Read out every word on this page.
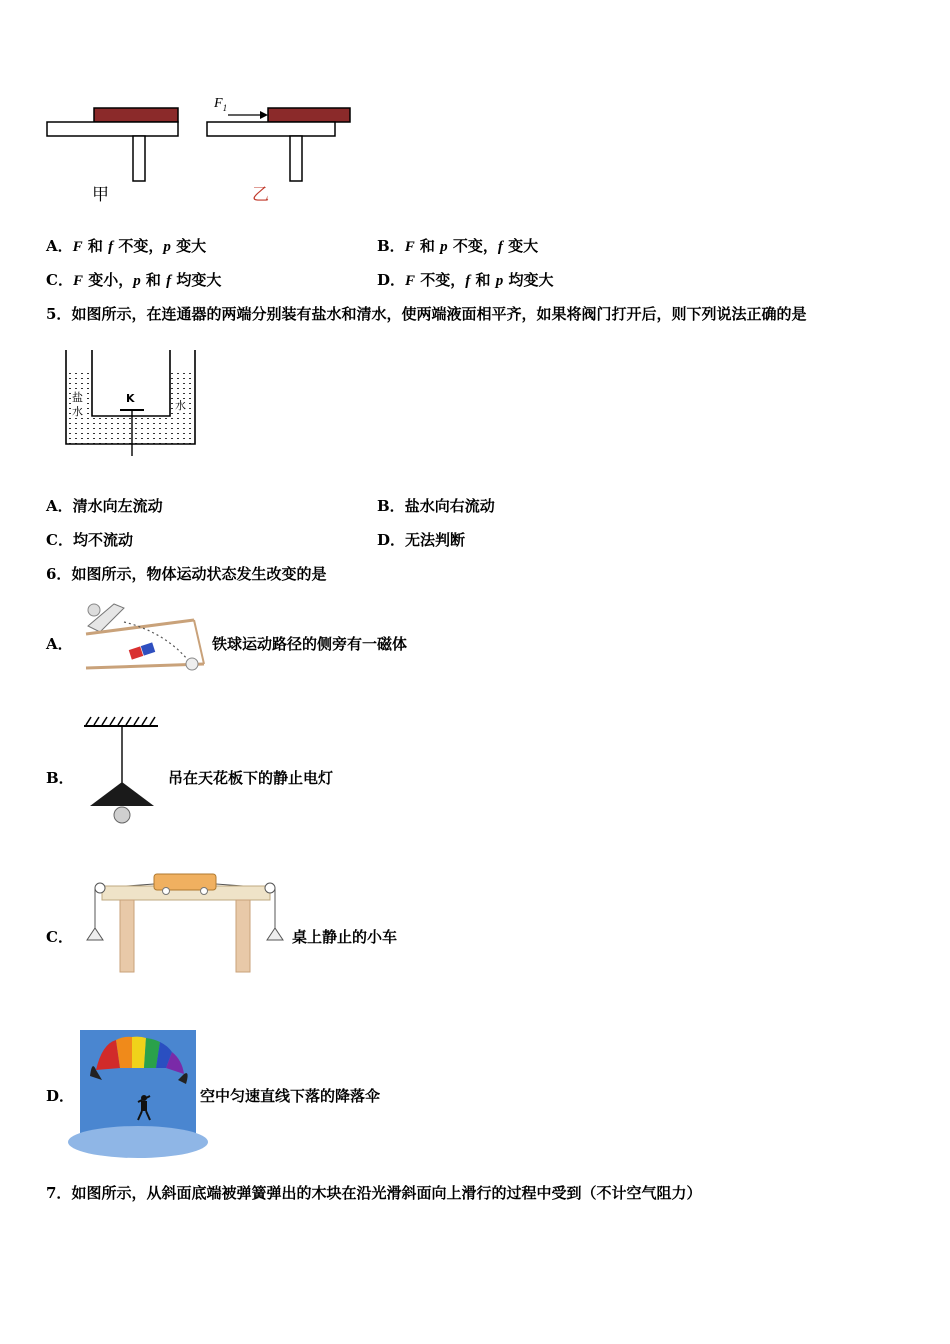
甲
$F_1$
乙
A．F 和 f 不变，p 变大	B．F 和 p 不变，f 变大
C．F 变小，p 和 f 均变大	D．F 不变，f 和 p 均变大
5．如图所示，在连通器的两端分别装有盐水和清水，使两端液面相平齐，如果将阀门打开后，则下列说法正确的是
盐
水
K
水
A．清水向左流动	B．盐水向右流动
C．均不流动	D．无法判断
6．如图所示，物体运动状态发生改变的是
A．	铁球运动路径的侧旁有一磁体
B．	吊在天花板下的静止电灯
C．	桌上静止的小车
D．	空中匀速直线下落的降落伞
7．如图所示，从斜面底端被弹簧弹出的木块在沿光滑斜面向上滑行的过程中受到（不计空气阻力）
